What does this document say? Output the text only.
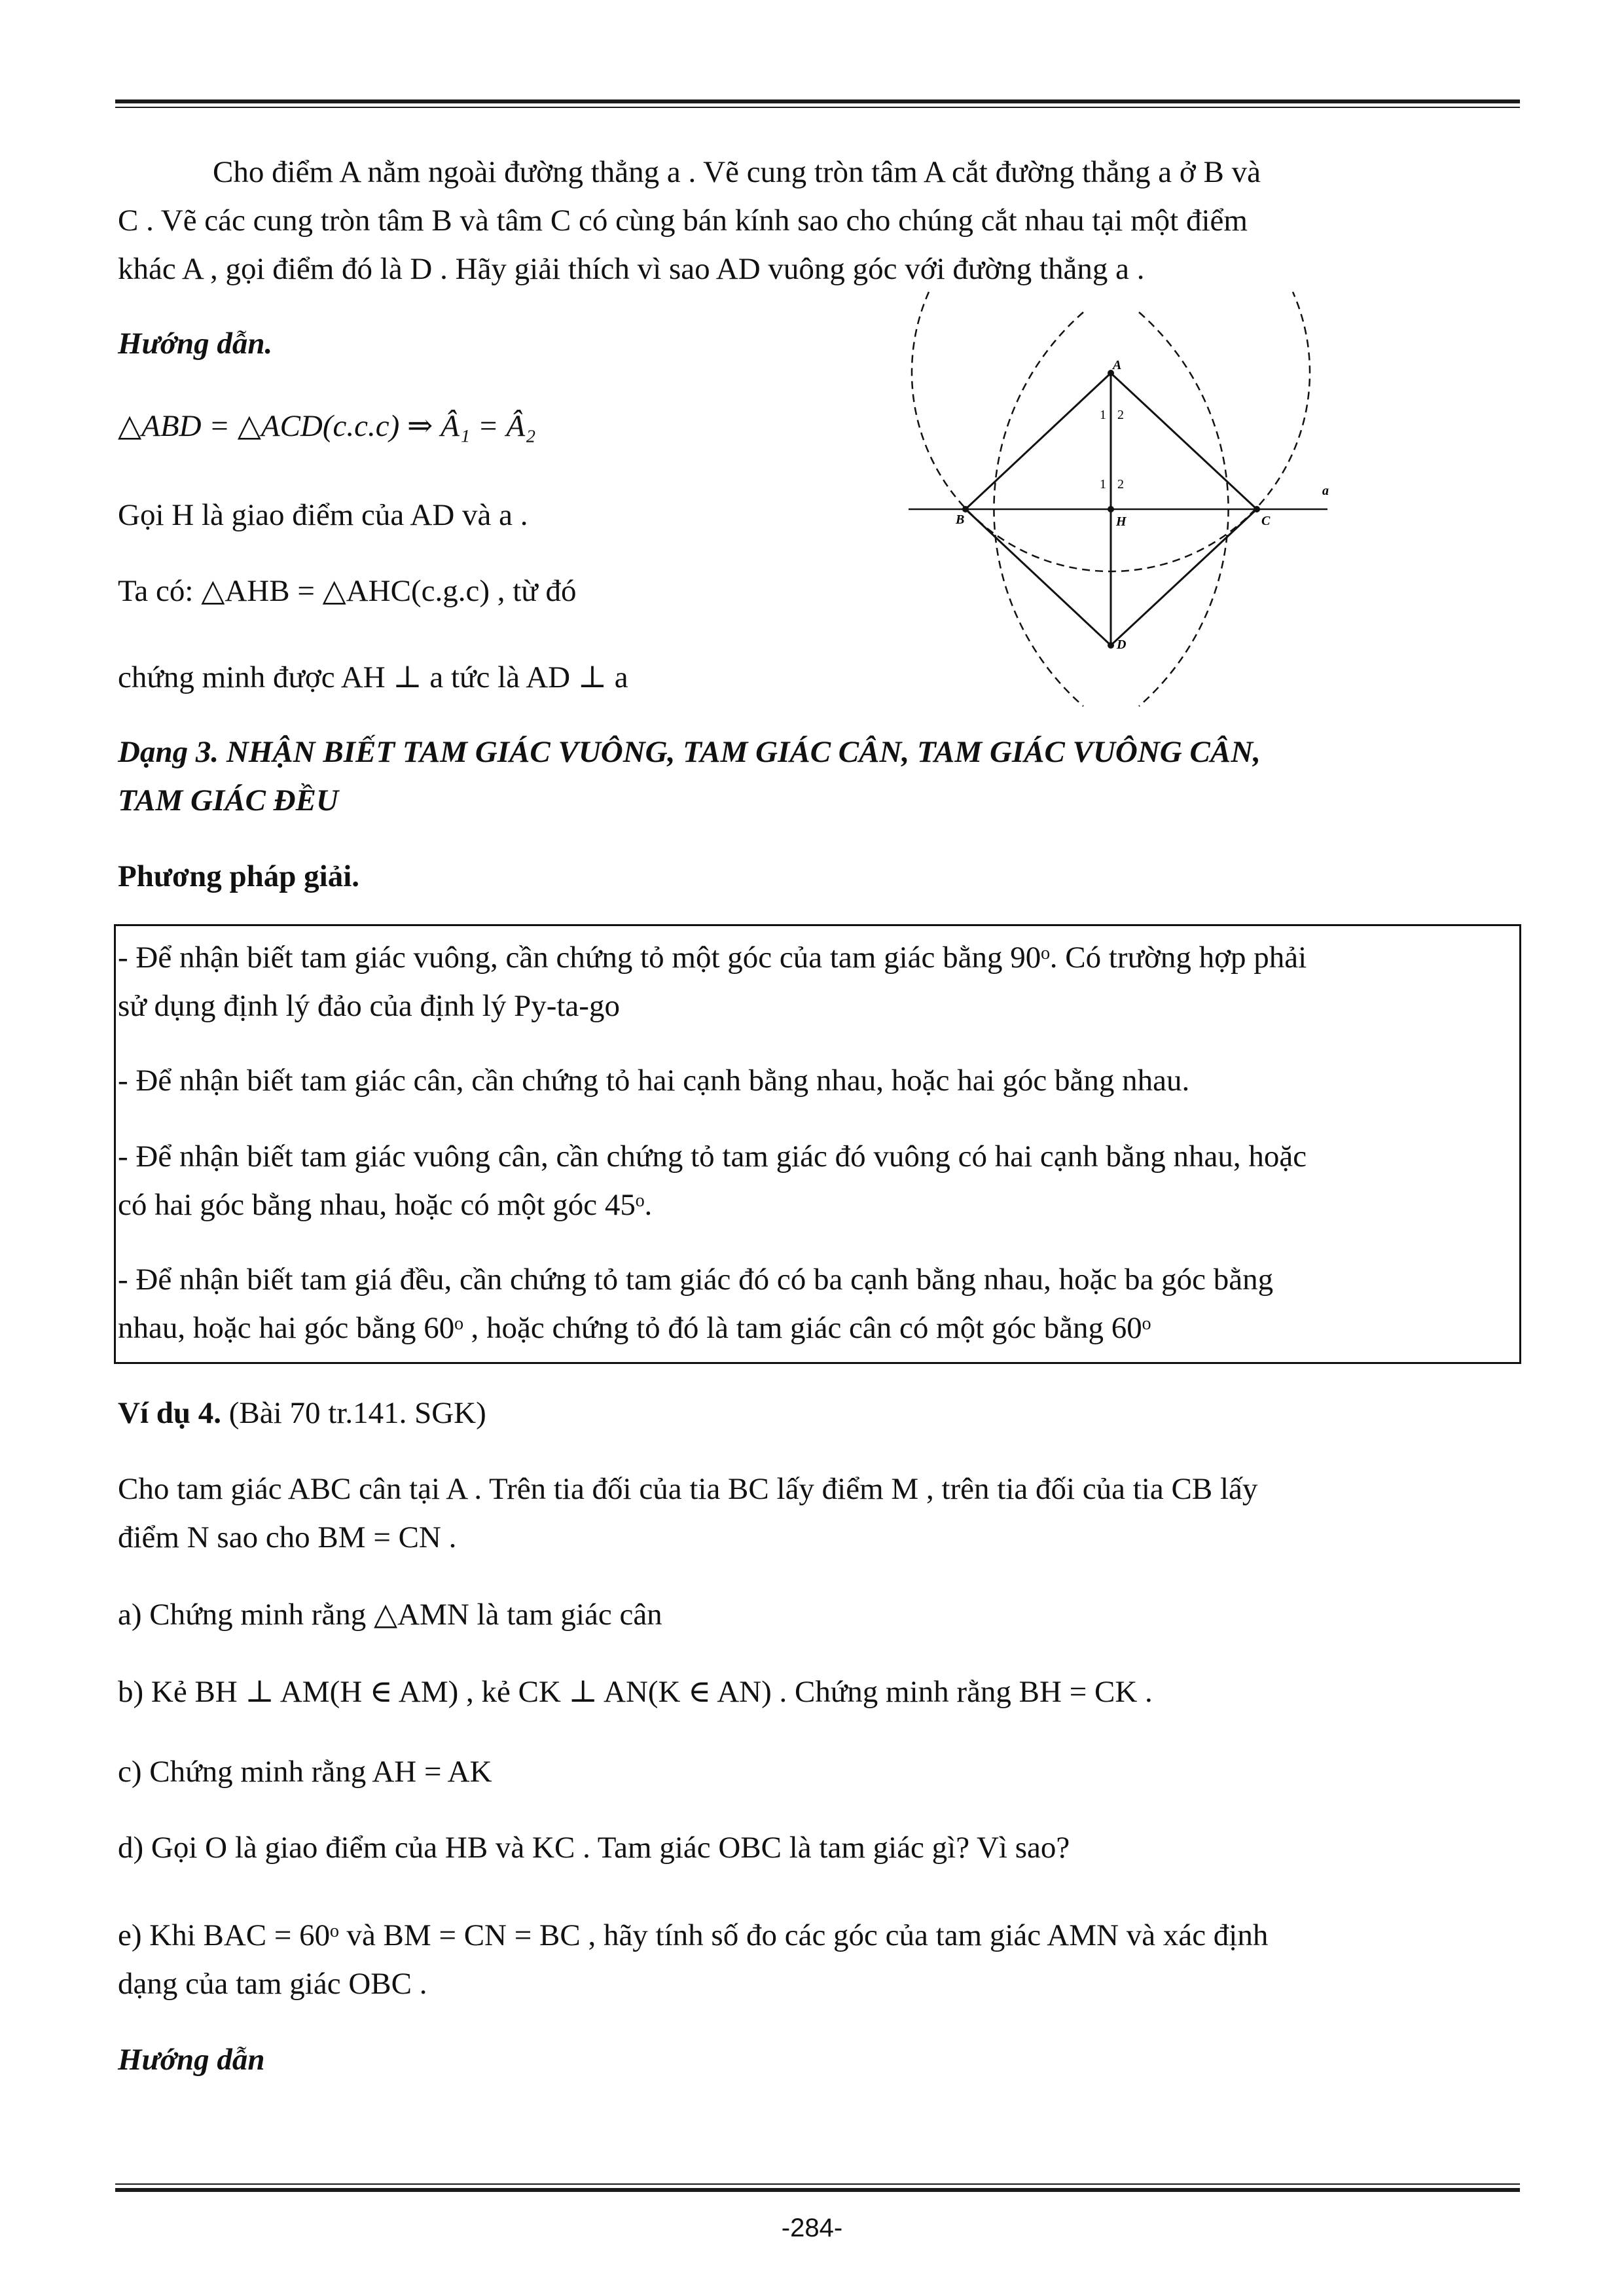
Cho điểm A nằm ngoài đường thẳng a . Vẽ cung tròn tâm A cắt đường thẳng a ở B và

C . Vẽ các cung tròn tâm B và tâm C có cùng bán kính sao cho chúng cắt nhau tại một điểm

khác A , gọi điểm đó là D . Hãy giải thích vì sao AD vuông góc với đường thẳng a .

Hướng dẫn.

△ABD = △ACD(c.c.c) ⇒ Â₁ = Â₂

Gọi H là giao điểm của AD và a .

Ta có: △AHB = △AHC(c.g.c) , từ đó

chứng minh được AH ⊥ a tức là AD ⊥ a

A
B	C
H
D
a
1 2
1 2

Dạng 3. NHẬN BIẾT TAM GIÁC VUÔNG, TAM GIÁC CÂN, TAM GIÁC VUÔNG CÂN,

TAM GIÁC ĐỀU

Phương pháp giải.

- Để nhận biết tam giác vuông, cần chứng tỏ một góc của tam giác bằng 90ᵒ. Có trường hợp phải

sử dụng định lý đảo của định lý Py-ta-go

- Để nhận biết tam giác cân, cần chứng tỏ hai cạnh bằng nhau, hoặc hai góc bằng nhau.

- Để nhận biết tam giác vuông cân, cần chứng tỏ tam giác đó vuông có hai cạnh bằng nhau, hoặc

có hai góc bằng nhau, hoặc có một góc 45ᵒ.

- Để nhận biết tam giá đều, cần chứng tỏ tam giác đó có ba cạnh bằng nhau, hoặc ba góc bằng

nhau, hoặc hai góc bằng 60ᵒ , hoặc chứng tỏ đó là tam giác cân có một góc bằng 60ᵒ

Ví dụ 4. (Bài 70 tr.141. SGK)

Cho tam giác ABC cân tại A . Trên tia đối của tia BC lấy điểm M , trên tia đối của tia CB lấy

điểm N sao cho BM = CN .

a) Chứng minh rằng △AMN là tam giác cân

b) Kẻ BH ⊥ AM(H ∈ AM) , kẻ CK ⊥ AN(K ∈ AN) . Chứng minh rằng BH = CK .

c) Chứng minh rằng AH = AK

d) Gọi O là giao điểm của HB và KC . Tam giác OBC là tam giác gì? Vì sao?

e) Khi BAC = 60ᵒ và BM = CN = BC , hãy tính số đo các góc của tam giác AMN và xác định

dạng của tam giác OBC .

Hướng dẫn

-284-
